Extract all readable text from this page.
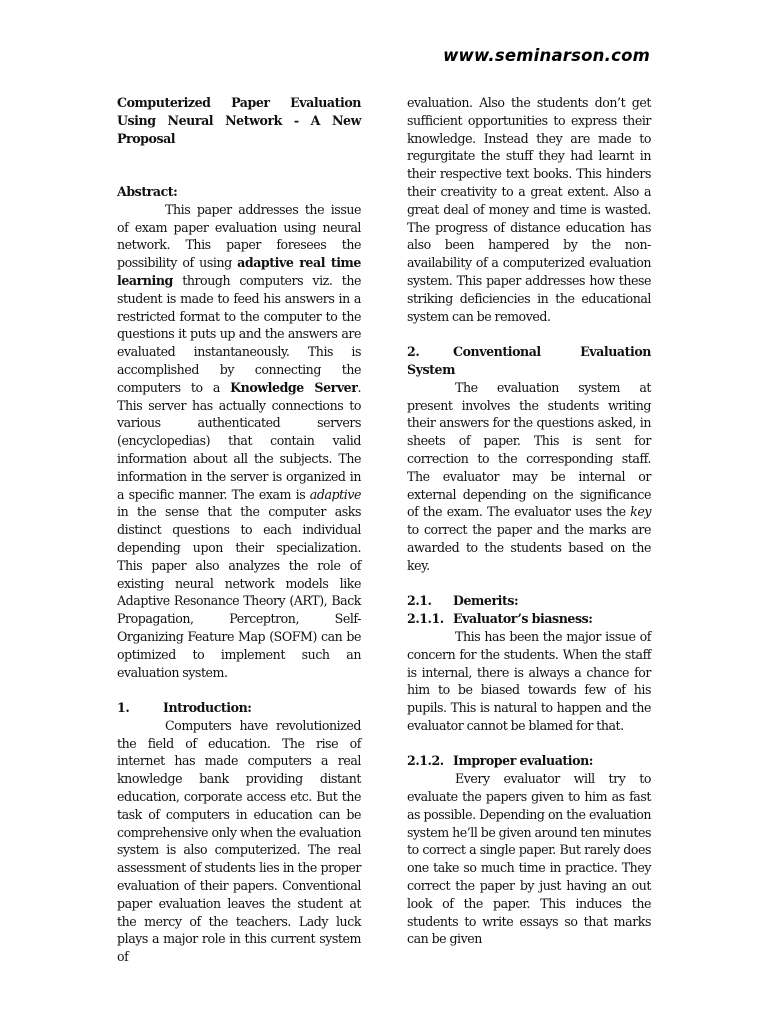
www.seminarson.com

Computerized Paper Evaluation Using Neural Network - A New Proposal

Abstract:

This paper addresses the issue of exam paper evaluation using neural network. This paper foresees the possibility of using adaptive real time learning through computers viz. the student is made to feed his answers in a restricted format to the computer to the questions it puts up and the answers are evaluated instantaneously. This is accomplished by connecting the computers to a Knowledge Server. This server has actually connections to various authenticated servers (encyclopedias) that contain valid information about all the subjects. The information in the server is organized in a specific manner. The exam is adaptive in the sense that the computer asks distinct questions to each individual depending upon their specialization. This paper also analyzes the role of existing neural network models like Adaptive Resonance Theory (ART), Back Propagation, Perceptron, Self-Organizing Feature Map (SOFM) can be optimized to implement such an evaluation system.

1.	Introduction:

Computers have revolutionized the field of education. The rise of internet has made computers a real knowledge bank providing distant education, corporate access etc. But the task of computers in education can be comprehensive only when the evaluation system is also computerized. The real assessment of students lies in the proper evaluation of their papers. Conventional paper evaluation leaves the student at the mercy of the teachers. Lady luck plays a major role in this current system of

evaluation. Also the students don’t get sufficient opportunities to express their knowledge. Instead they are made to regurgitate the stuff they had learnt in their respective text books. This hinders their creativity to a great extent. Also a great deal of money and time is wasted. The progress of distance education has also been hampered by the non-availability of a computerized evaluation system. This paper addresses how these striking deficiencies in the educational system can be removed.

2.	Conventional	Evaluation

System

The evaluation system at present involves the students writing their answers for the questions asked, in sheets of paper. This is sent for correction to the corresponding staff. The evaluator may be internal or external depending on the significance of the exam. The evaluator uses the key to correct the paper and the marks are awarded to the students based on the key.

2.1. Demerits:

2.1.1. Evaluator’s biasness:

This has been the major issue of concern for the students. When the staff is internal, there is always a chance for him to be biased towards few of his pupils. This is natural to happen and the evaluator cannot be blamed for that.

2.1.2. Improper evaluation:

Every evaluator will try to evaluate the papers given to him as fast as possible. Depending on the evaluation system he’ll be given around ten minutes to correct a single paper. But rarely does one take so much time in practice. They correct the paper by just having an out look of the paper. This induces the students to write essays so that marks can be given
